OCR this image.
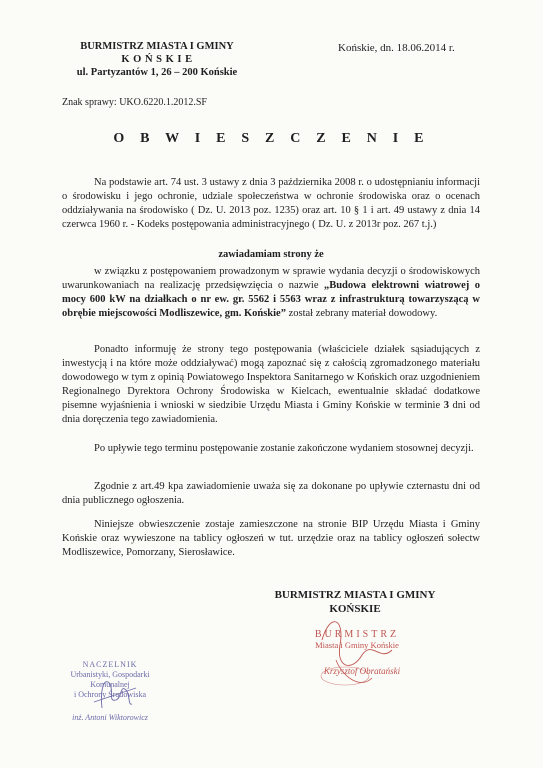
BURMISTRZ MIASTA I GMINY
K O Ń S K I E
ul. Partyzantów 1, 26 – 200 Końskie
Końskie, dn. 18.06.2014 r.
Znak sprawy: UKO.6220.1.2012.SF
O B W I E S Z C Z E N I E
Na podstawie art. 74 ust. 3 ustawy z dnia 3 października 2008 r. o udostępnianiu informacji o środowisku i jego ochronie, udziale społeczeństwa w ochronie środowiska oraz o ocenach oddziaływania na środowisko ( Dz. U. 2013 poz. 1235) oraz art. 10 § 1 i art. 49 ustawy z dnia 14 czerwca 1960 r. - Kodeks postępowania administracyjnego ( Dz. U. z 2013r poz. 267 t.j.)
zawiadamiam strony że
w związku z postępowaniem prowadzonym w sprawie wydania decyzji o środowiskowych uwarunkowaniach na realizację przedsięwzięcia o nazwie „Budowa elektrowni wiatrowej o mocy 600 kW na działkach o nr ew. gr. 5562 i 5563 wraz z infrastrukturą towarzyszącą w obrębie miejscowości Modliszewice, gm. Końskie” został zebrany materiał dowodowy.
Ponadto informuję że strony tego postępowania (właściciele działek sąsiadujących z inwestycją i na które może oddziaływać) mogą zapoznać się z całością zgromadzonego materiału dowodowego w tym z opinią Powiatowego Inspektora Sanitarnego w Końskich oraz uzgodnieniem Regionalnego Dyrektora Ochrony Środowiska w Kielcach, ewentualnie składać dodatkowe pisemne wyjaśnienia i wnioski w siedzibie Urzędu Miasta i Gminy Końskie w terminie 3 dni od dnia doręczenia tego zawiadomienia.
Po upływie tego terminu postępowanie zostanie zakończone wydaniem stosownej decyzji.
Zgodnie z art.49 kpa zawiadomienie uważa się za dokonane po upływie czternastu dni od dnia publicznego ogłoszenia.
Niniejsze obwieszczenie zostaje zamieszczone na stronie BIP Urzędu Miasta i Gminy Końskie oraz wywieszone na tablicy ogłoszeń w tut. urzędzie oraz na tablicy ogłoszeń sołectw Modliszewice, Pomorzany, Sierosławice.
BURMISTRZ MIASTA I GMINY
KOŃSKIE
BURMISTRZ
Miasta i Gminy Końskie
Krzysztof Obratański
NACZELNIK
Urbanistyki, Gospodarki Komunalnej
i Ochrony Środowiska
inż. Antoni Wiktorowicz
